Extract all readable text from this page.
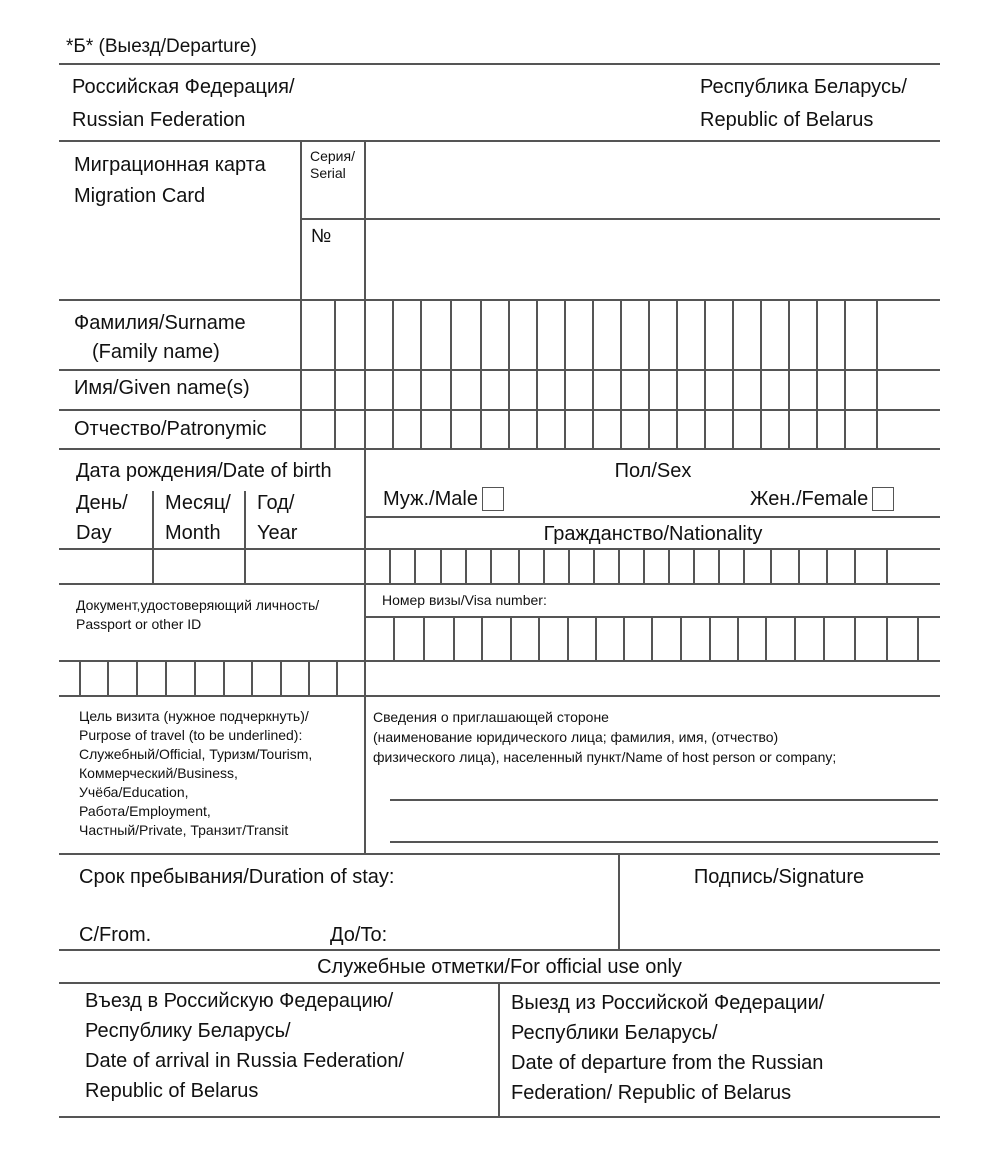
*Б* (Выезд/Departure)
Российская Федерация/
Russian Federation
Республика Беларусь/
Republic of Belarus
Миграционная карта
Migration Card
Серия/
Serial
№
Фамилия/Surname
(Family name)
Имя/Given name(s)
Отчество/Patronymic
Дата рождения/Date of birth
День/
Day
Месяц/
Month
Год/
Year
Пол/Sex
Муж./Male	Жен./Female
Гражданство/Nationality
Документ,удостоверяющий личность/
Passport or other ID
Номер визы/Visa number:
Цель визита (нужное подчеркнуть)/
Purpose of travel (to be underlined):
Служебный/Official, Туризм/Tourism,
Коммерческий/Business,
Учёба/Education,
Работа/Employment,
Частный/Private, Транзит/Transit
Сведения о приглашающей стороне
(наименование юридического лица; фамилия, имя, (отчество)
физического лица), населенный пункт/Name of host person or company;
Срок пребывания/Duration of stay:
С/From.	До/To:
Подпись/Signature
Служебные отметки/For official use only
Въезд в Российскую Федерацию/
Республику Беларусь/
Date of arrival in Russia Federation/
Republic of Belarus
Выезд из Российской Федерации/
Республики Беларусь/
Date of departure from the Russian
Federation/ Republic of Belarus
